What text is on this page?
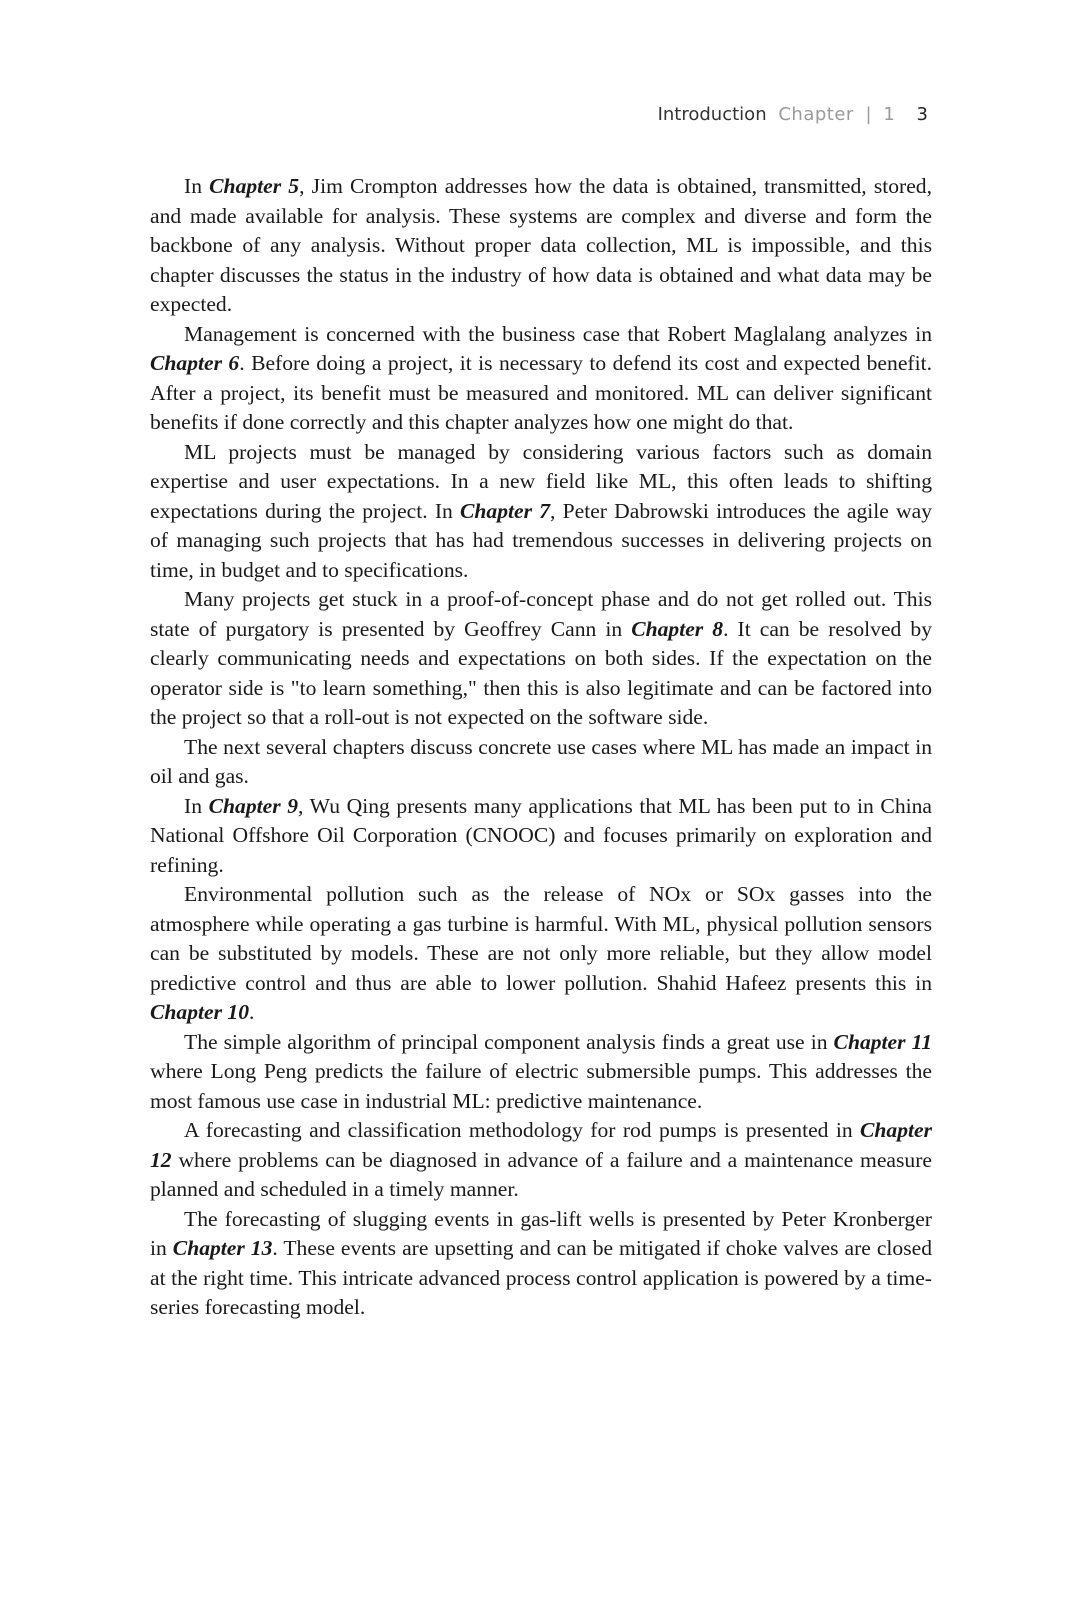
Introduction Chapter | 1 3

In Chapter 5, Jim Crompton addresses how the data is obtained, transmitted, stored, and made available for analysis. These systems are complex and diverse and form the backbone of any analysis. Without proper data collection, ML is impossible, and this chapter discusses the status in the industry of how data is obtained and what data may be expected.

Management is concerned with the business case that Robert Maglalang analyzes in Chapter 6. Before doing a project, it is necessary to defend its cost and expected benefit. After a project, its benefit must be measured and monitored. ML can deliver significant benefits if done correctly and this chapter analyzes how one might do that.

ML projects must be managed by considering various factors such as domain expertise and user expectations. In a new field like ML, this often leads to shifting expectations during the project. In Chapter 7, Peter Dabrowski introduces the agile way of managing such projects that has had tremendous successes in delivering projects on time, in budget and to specifications.

Many projects get stuck in a proof-of-concept phase and do not get rolled out. This state of purgatory is presented by Geoffrey Cann in Chapter 8. It can be resolved by clearly communicating needs and expectations on both sides. If the expectation on the operator side is "to learn something," then this is also legitimate and can be factored into the project so that a roll-out is not expected on the software side.

The next several chapters discuss concrete use cases where ML has made an impact in oil and gas.

In Chapter 9, Wu Qing presents many applications that ML has been put to in China National Offshore Oil Corporation (CNOOC) and focuses primarily on exploration and refining.

Environmental pollution such as the release of NOx or SOx gasses into the atmosphere while operating a gas turbine is harmful. With ML, physical pollution sensors can be substituted by models. These are not only more reliable, but they allow model predictive control and thus are able to lower pollution. Shahid Hafeez presents this in Chapter 10.

The simple algorithm of principal component analysis finds a great use in Chapter 11 where Long Peng predicts the failure of electric submersible pumps. This addresses the most famous use case in industrial ML: predictive maintenance.

A forecasting and classification methodology for rod pumps is presented in Chapter 12 where problems can be diagnosed in advance of a failure and a maintenance measure planned and scheduled in a timely manner.

The forecasting of slugging events in gas-lift wells is presented by Peter Kronberger in Chapter 13. These events are upsetting and can be mitigated if choke valves are closed at the right time. This intricate advanced process control application is powered by a time-series forecasting model.
